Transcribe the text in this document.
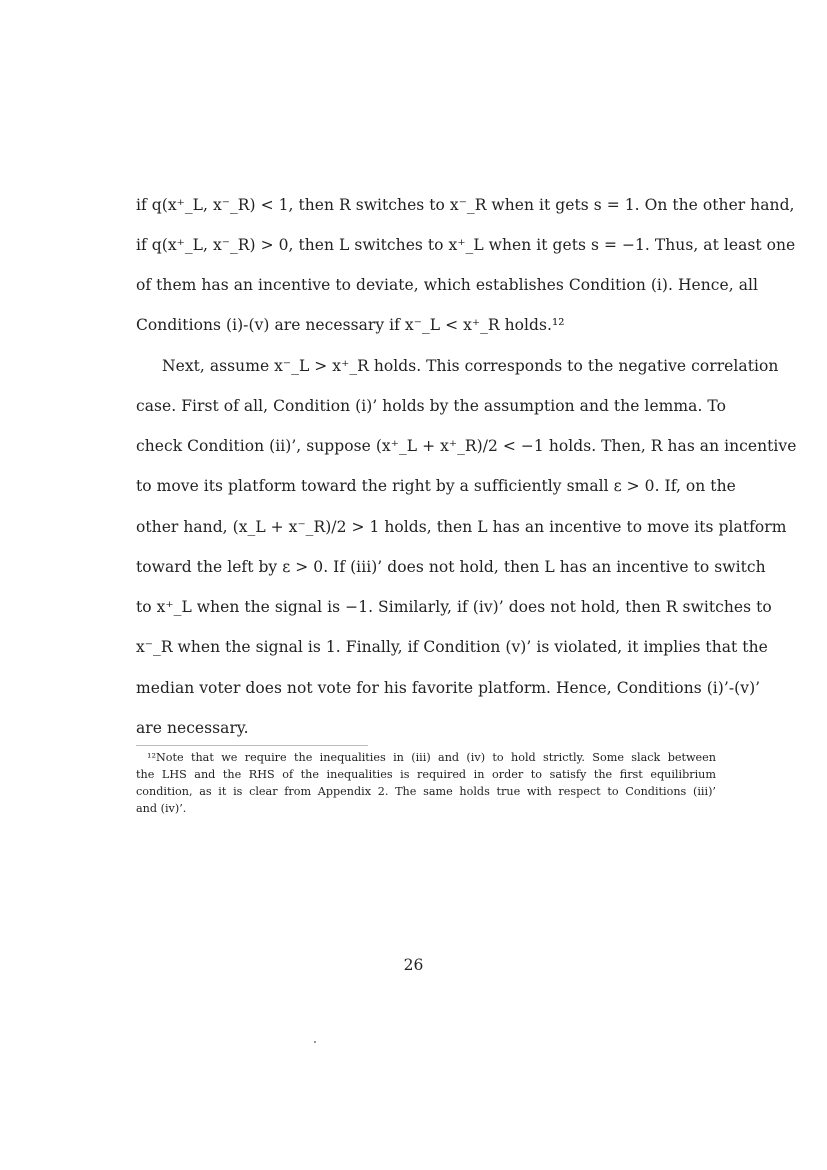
if q(x⁺_L, x⁻_R) < 1, then R switches to x⁻_R when it gets s = 1. On the other hand,
if q(x⁺_L, x⁻_R) > 0, then L switches to x⁺_L when it gets s = −1. Thus, at least one
of them has an incentive to deviate, which establishes Condition (i). Hence, all
Conditions (i)-(v) are necessary if x⁻_L < x⁺_R holds.¹²
Next, assume x⁻_L > x⁺_R holds. This corresponds to the negative correlation
case. First of all, Condition (i)’ holds by the assumption and the lemma. To
check Condition (ii)’, suppose (x⁺_L + x⁺_R)/2 < −1 holds. Then, R has an incentive
to move its platform toward the right by a sufficiently small ε > 0. If, on the
other hand, (x_L + x⁻_R)/2 > 1 holds, then L has an incentive to move its platform
toward the left by ε > 0. If (iii)’ does not hold, then L has an incentive to switch
to x⁺_L when the signal is −1. Similarly, if (iv)’ does not hold, then R switches to
x⁻_R when the signal is 1. Finally, if Condition (v)’ is violated, it implies that the
median voter does not vote for his favorite platform. Hence, Conditions (i)’-(v)’
are necessary.
¹²Note that we require the inequalities in (iii) and (iv) to hold strictly. Some slack between
the LHS and the RHS of the inequalities is required in order to satisfy the first equilibrium
condition, as it is clear from Appendix 2. The same holds true with respect to Conditions (iii)’
and (iv)’.
26
